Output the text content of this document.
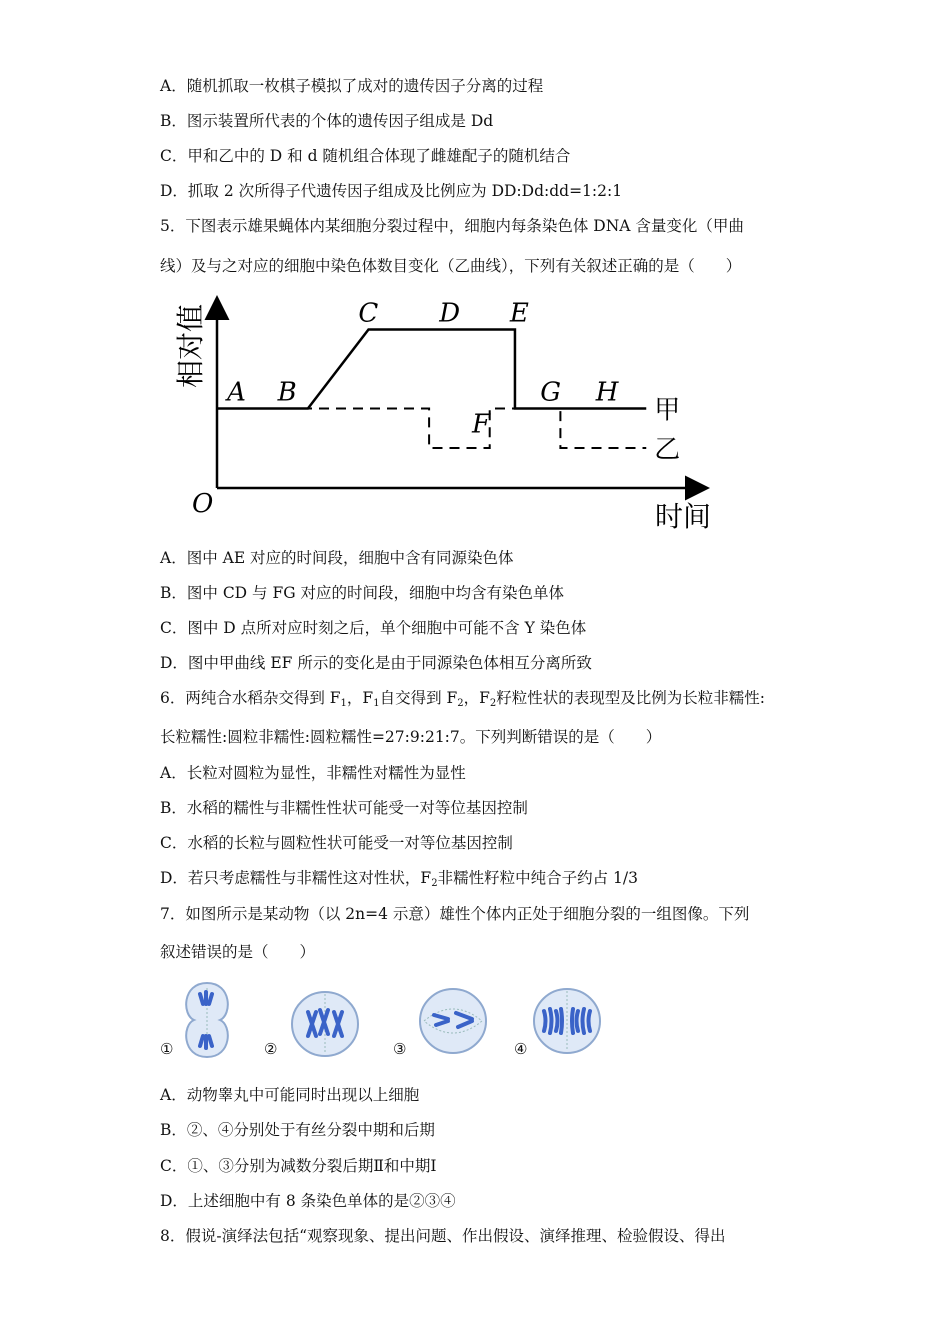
A．随机抓取一枚棋子模拟了成对的遗传因子分离的过程
B．图示装置所代表的个体的遗传因子组成是 Dd
C．甲和乙中的 D 和 d 随机组合体现了雌雄配子的随机结合
D．抓取 2 次所得子代遗传因子组成及比例应为 DD:Dd:dd=1:2:1
5．下图表示雄果蝇体内某细胞分裂过程中，细胞内每条染色体 DNA 含量变化（甲曲
线）及与之对应的细胞中染色体数目变化（乙曲线），下列有关叙述正确的是（　　）
相对值
时间
O
A B
C D E
F
G H
甲
乙
A．图中 AE 对应的时间段，细胞中含有同源染色体
B．图中 CD 与 FG 对应的时间段，细胞中均含有染色单体
C．图中 D 点所对应时刻之后，单个细胞中可能不含 Y 染色体
D．图中甲曲线 EF 所示的变化是由于同源染色体相互分离所致
6．两纯合水稻杂交得到 $F_1$，$F_1$自交得到 $F_2$，$F_2$籽粒性状的表现型及比例为长粒非糯性:
长粒糯性:圆粒非糯性:圆粒糯性=27:9:21:7。下列判断错误的是（　　）
A．长粒对圆粒为显性，非糯性对糯性为显性
B．水稻的糯性与非糯性性状可能受一对等位基因控制
C．水稻的长粒与圆粒性状可能受一对等位基因控制
D．若只考虑糯性与非糯性这对性状，$F_2$非糯性籽粒中纯合子约占 1/3
7．如图所示是某动物（以 2n=4 示意）雄性个体内正处于细胞分裂的一组图像。下列
叙述错误的是（　　）
①	②	③	④
A．动物睾丸中可能同时出现以上细胞
B．②、④分别处于有丝分裂中期和后期
C．①、③分别为减数分裂后期Ⅱ和中期Ⅰ
D．上述细胞中有 8 条染色单体的是②③④
8．假说-演绎法包括“观察现象、提出问题、作出假设、演绎推理、检验假设、得出
